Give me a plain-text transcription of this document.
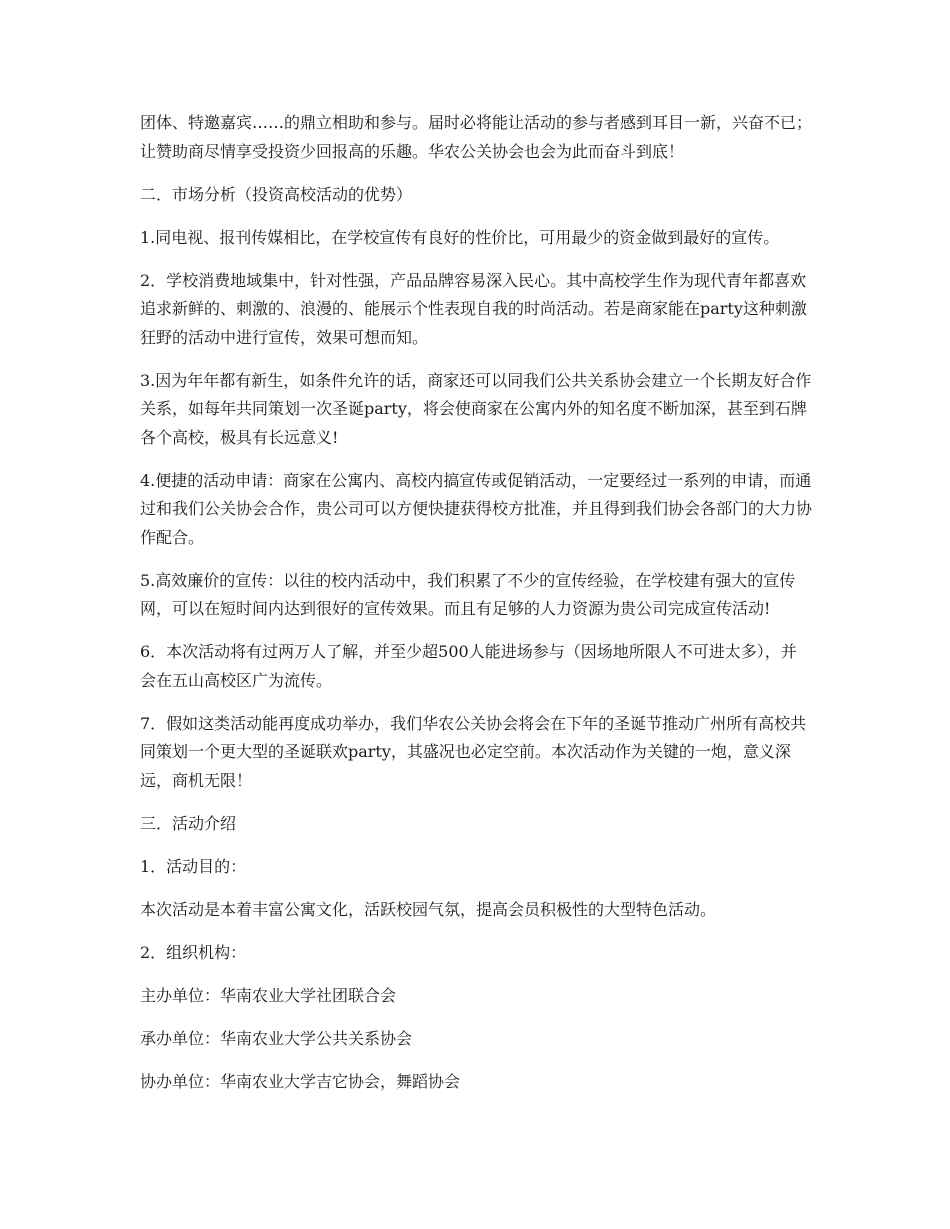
团体、特邀嘉宾……的鼎立相助和参与。届时必将能让活动的参与者感到耳目一新，兴奋不已；让赞助商尽情享受投资少回报高的乐趣。华农公关协会也会为此而奋斗到底！

二．市场分析（投资高校活动的优势）

1.同电视、报刊传媒相比，在学校宣传有良好的性价比，可用最少的资金做到最好的宣传。

2．学校消费地域集中，针对性强，产品品牌容易深入民心。其中高校学生作为现代青年都喜欢追求新鲜的、刺激的、浪漫的、能展示个性表现自我的时尚活动。若是商家能在party这种刺激狂野的活动中进行宣传，效果可想而知。

3.因为年年都有新生，如条件允许的话，商家还可以同我们公共关系协会建立一个长期友好合作关系，如每年共同策划一次圣诞party，将会使商家在公寓内外的知名度不断加深，甚至到石牌各个高校，极具有长远意义!

4.便捷的活动申请：商家在公寓内、高校内搞宣传或促销活动，一定要经过一系列的申请，而通过和我们公关协会合作，贵公司可以方便快捷获得校方批准，并且得到我们协会各部门的大力协作配合。

5.高效廉价的宣传：以往的校内活动中，我们积累了不少的宣传经验，在学校建有强大的宣传网，可以在短时间内达到很好的宣传效果。而且有足够的人力资源为贵公司完成宣传活动!

6．本次活动将有过两万人了解，并至少超500人能进场参与（因场地所限人不可进太多），并会在五山高校区广为流传。

7．假如这类活动能再度成功举办，我们华农公关协会将会在下年的圣诞节推动广州所有高校共同策划一个更大型的圣诞联欢party，其盛况也必定空前。本次活动作为关键的一炮，意义深远，商机无限！

三．活动介绍

1．活动目的：

本次活动是本着丰富公寓文化，活跃校园气氛，提高会员积极性的大型特色活动。

2．组织机构：

主办单位：华南农业大学社团联合会

承办单位：华南农业大学公共关系协会

协办单位：华南农业大学吉它协会，舞蹈协会
